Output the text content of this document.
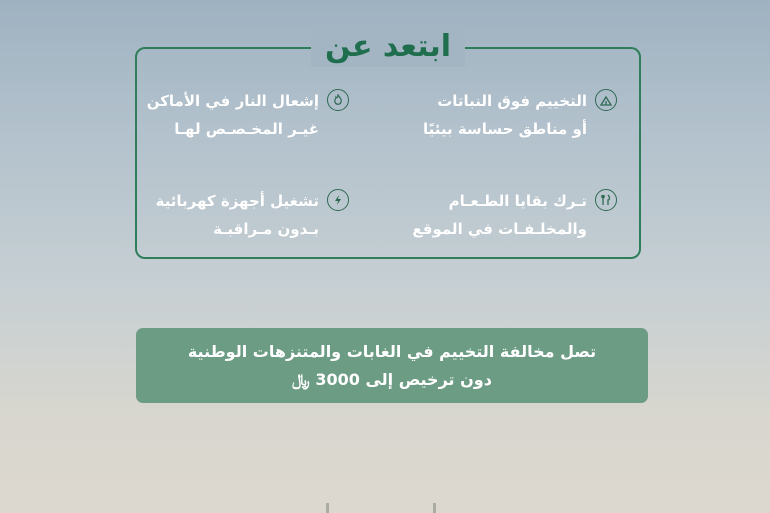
ابتعد عن
التخييم فوق النباتات
أو مناطق حساسة بيئيًا
إشعال النار في الأماكن
غيـر المخـصـص لهـا
تـرك بقايا الطـعـام
والمخلـفـات في الموقع
تشغيل أجهزة كهربائية
بـدون مـراقبـة
تصل مخالفة التخييم في الغابات والمتنزهات الوطنية
دون ترخيص إلى 3000 ﷼
